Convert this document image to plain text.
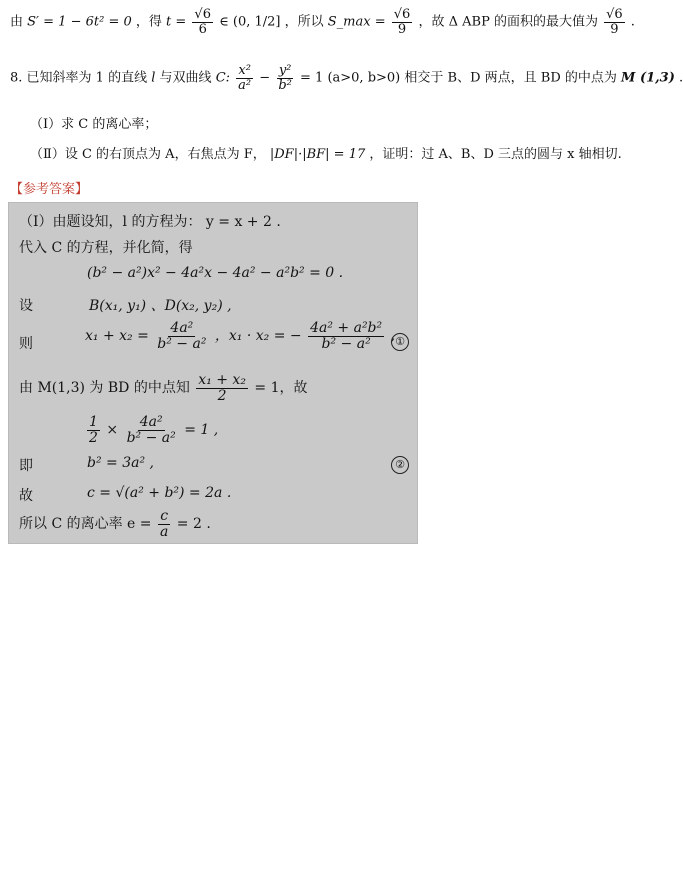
由 S′ = 1 − 6t² = 0 ，得 $t = \frac{√6}{6}$ ∈ (0, 1/2] ，所以 S_max = $\frac{√6}{9}$ ，故 Δ ABP 的面积的最大值为 $\frac{√6}{9}$ .
8. 已知斜率为 1 的直线 l 与双曲线 C: $\frac{\text{x²}}{\text{a²}} - \frac{\text{y²}}{\text{b²}} = 1$ (a>0, b>0) 相交于 B、D 两点，且 BD 的中点为 M (1,3) .
（Ⅰ）求 C 的离心率；
（Ⅱ）设 C 的右顶点为 A，右焦点为 F， |DF|·|BF| = 17 ，证明：过 A、B、D 三点的圆与 x 轴相切.
【参考答案】
（Ⅰ）由题设知，l 的方程为： y = x + 2 .
代入 C 的方程，并化简，得
(b² − a²)x² − 4a²x − 4a² − a²b² = 0 .
设	B(x₁, y₁) 、D(x₂, y₂) ,
则	$x_1 + x_2 = \frac{\text{4a²}}{\text{b² − a²}}$ ，x₁ · x₂ = − $\frac{\text{4a² + a²b²}}{\text{b² − a²}}$ , ①
由 M(1,3) 为 BD 的中点知 $\frac{\text{x₁ + x₂}}{2} = 1$，故
$\frac{1}{2} \times \frac{\text{4a²}}{\text{b² − a²}} = 1$ ,
即	b² = 3a² ,	②
故	c = √(a² + b²) = 2a .
所以 C 的离心率 $e = \frac{c}{a} = 2$ .
